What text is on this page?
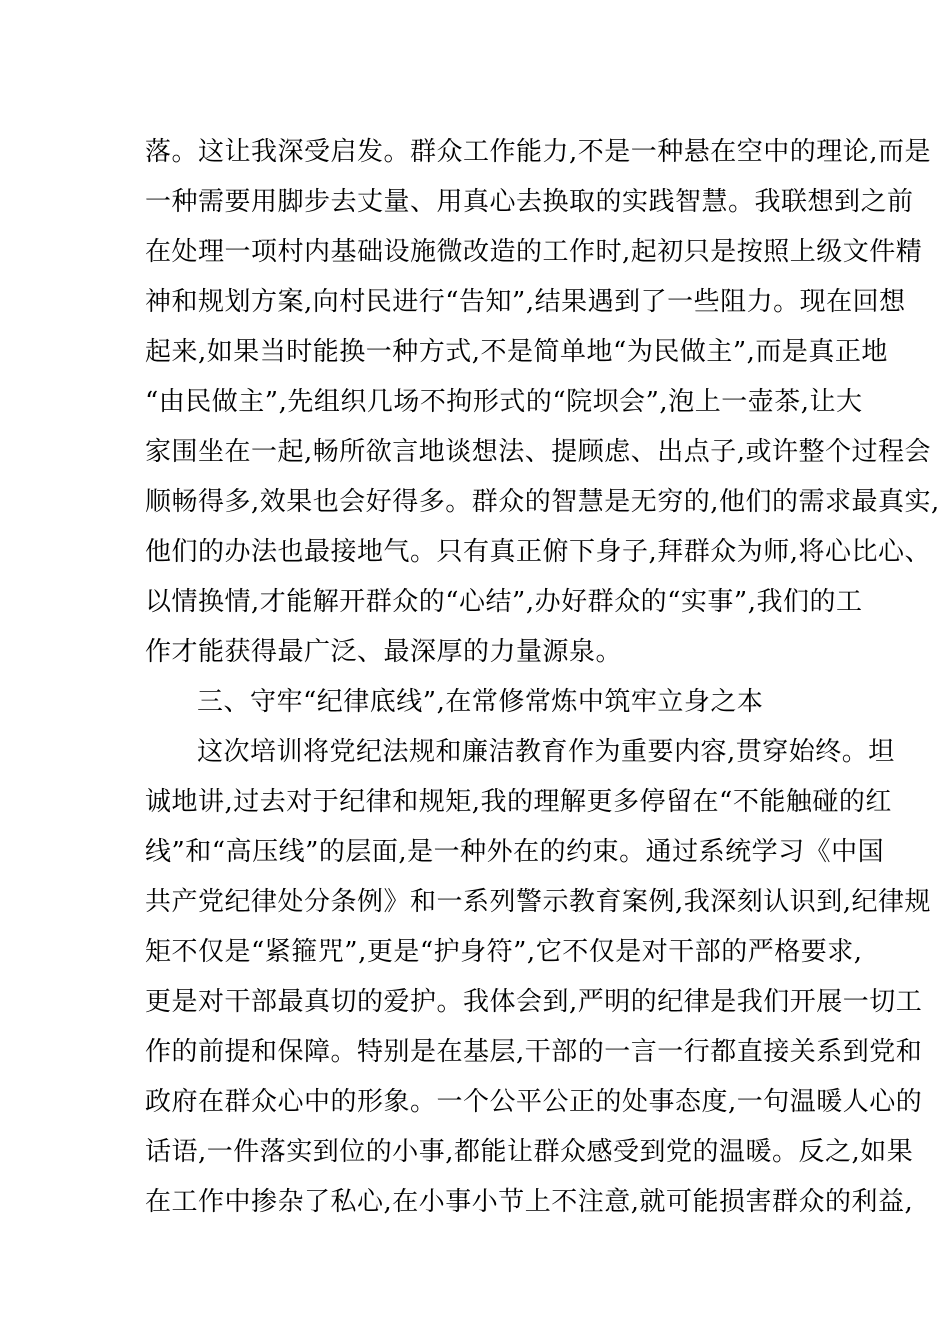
落。这让我深受启发。群众工作能力,不是一种悬在空中的理论,而是
一种需要用脚步去丈量、用真心去换取的实践智慧。我联想到之前
在处理一项村内基础设施微改造的工作时,起初只是按照上级文件精
神和规划方案,向村民进行“告知”,结果遇到了一些阻力。现在回想
起来,如果当时能换一种方式,不是简单地“为民做主”,而是真正地
“由民做主”,先组织几场不拘形式的“院坝会”,泡上一壶茶,让大
家围坐在一起,畅所欲言地谈想法、提顾虑、出点子,或许整个过程会
顺畅得多,效果也会好得多。群众的智慧是无穷的,他们的需求最真实,
他们的办法也最接地气。只有真正俯下身子,拜群众为师,将心比心、
以情换情,才能解开群众的“心结”,办好群众的“实事”,我们的工
作才能获得最广泛、最深厚的力量源泉。
三、守牢“纪律底线”,在常修常炼中筑牢立身之本
这次培训将党纪法规和廉洁教育作为重要内容,贯穿始终。坦
诚地讲,过去对于纪律和规矩,我的理解更多停留在“不能触碰的红
线”和“高压线”的层面,是一种外在的约束。通过系统学习《中国
共产党纪律处分条例》和一系列警示教育案例,我深刻认识到,纪律规
矩不仅是“紧箍咒”,更是“护身符”,它不仅是对干部的严格要求,
更是对干部最真切的爱护。我体会到,严明的纪律是我们开展一切工
作的前提和保障。特别是在基层,干部的一言一行都直接关系到党和
政府在群众心中的形象。一个公平公正的处事态度,一句温暖人心的
话语,一件落实到位的小事,都能让群众感受到党的温暖。反之,如果
在工作中掺杂了私心,在小事小节上不注意,就可能损害群众的利益,
